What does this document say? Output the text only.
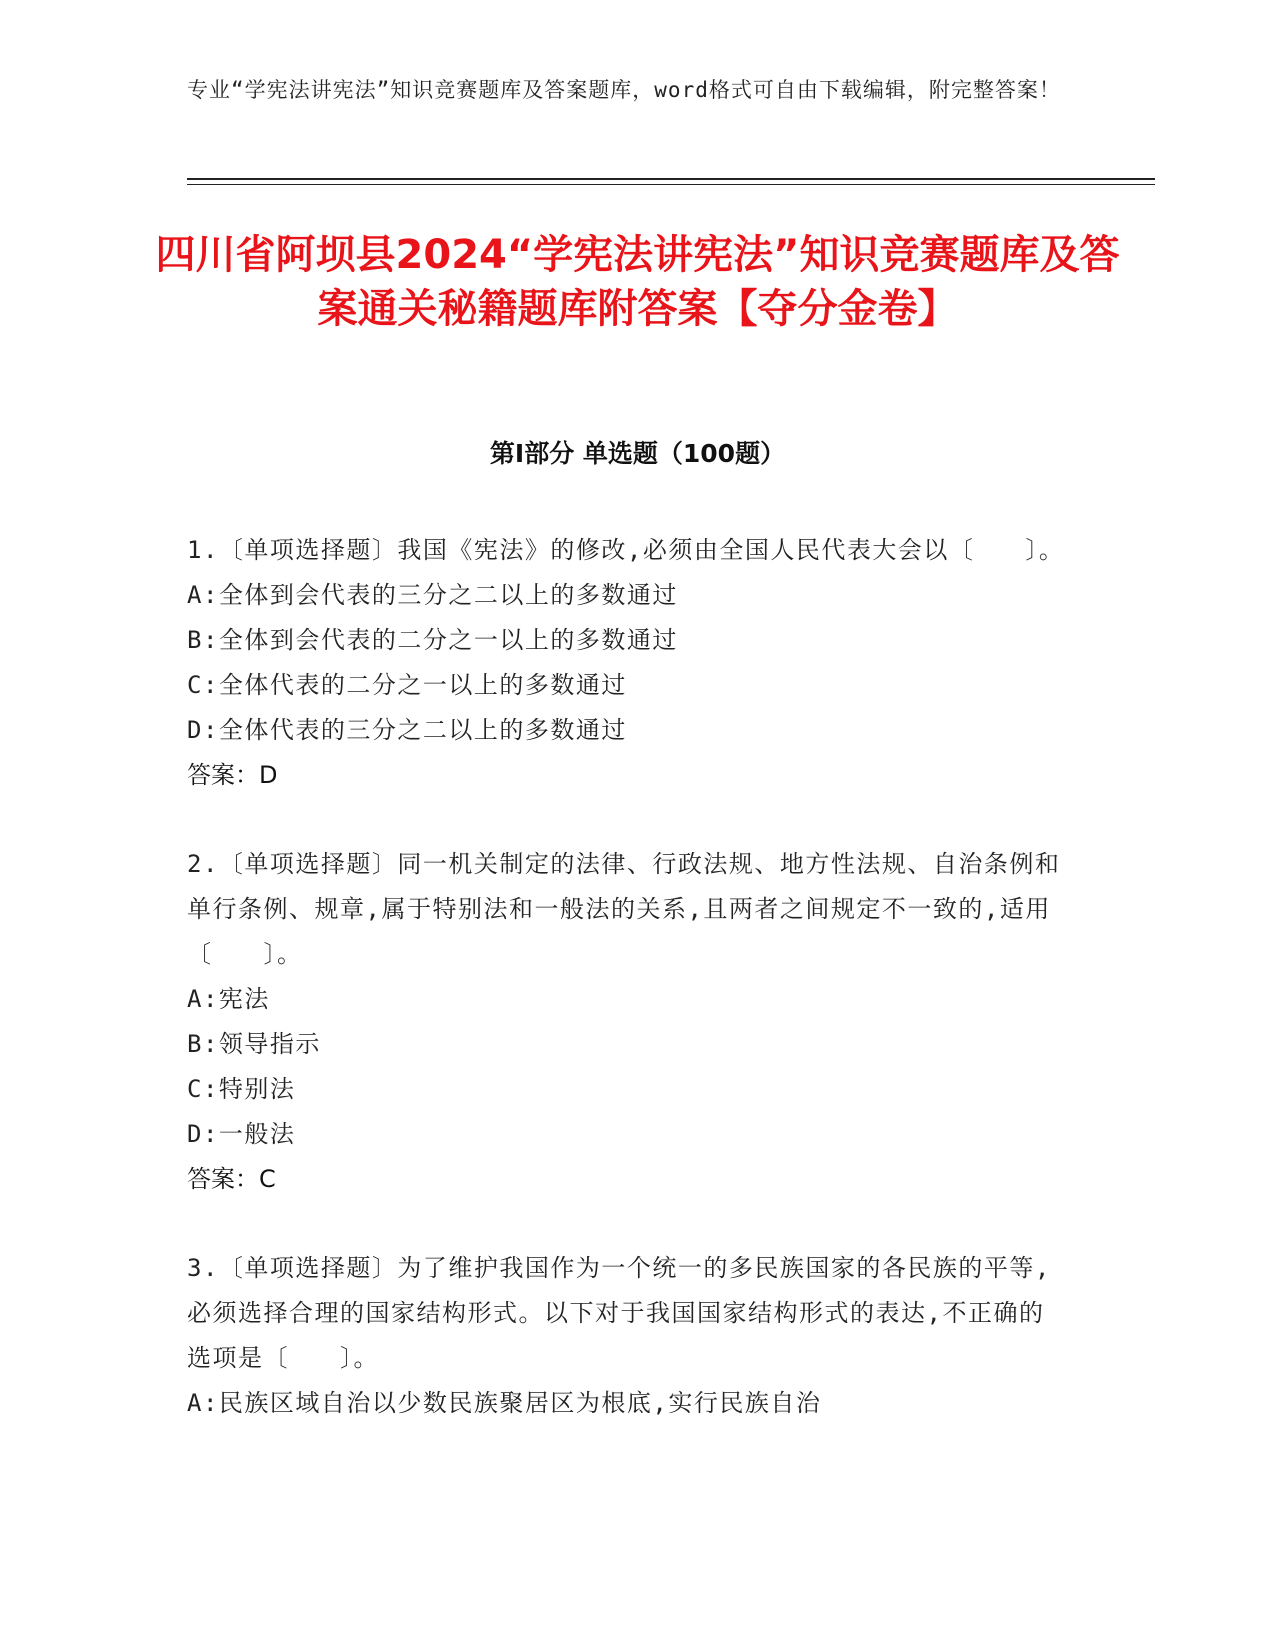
专业“学宪法讲宪法”知识竞赛题库及答案题库，word格式可自由下载编辑，附完整答案！
四川省阿坝县2024“学宪法讲宪法”知识竞赛题库及答案通关秘籍题库附答案【夺分金卷】
第Ⅰ部分 单选题（100题）

1.〔单项选择题〕我国《宪法》的修改,必须由全国人民代表大会以〔　　〕。

A: 全体到会代表的三分之二以上的多数通过

B: 全体到会代表的二分之一以上的多数通过

C: 全体代表的二分之一以上的多数通过

D: 全体代表的三分之二以上的多数通过

答案：D

2.〔单项选择题〕同一机关制定的法律、行政法规、地方性法规、自治条例和单行条例、规章,属于特别法和一般法的关系,且两者之间规定不一致的,适用〔　　〕。

A: 宪法

B: 领导指示

C: 特别法

D: 一般法

答案：C

3.〔单项选择题〕为了维护我国作为一个统一的多民族国家的各民族的平等,必须选择合理的国家结构形式。以下对于我国国家结构形式的表达,不正确的选项是〔　　〕。

A: 民族区域自治以少数民族聚居区为根底,实行民族自治
